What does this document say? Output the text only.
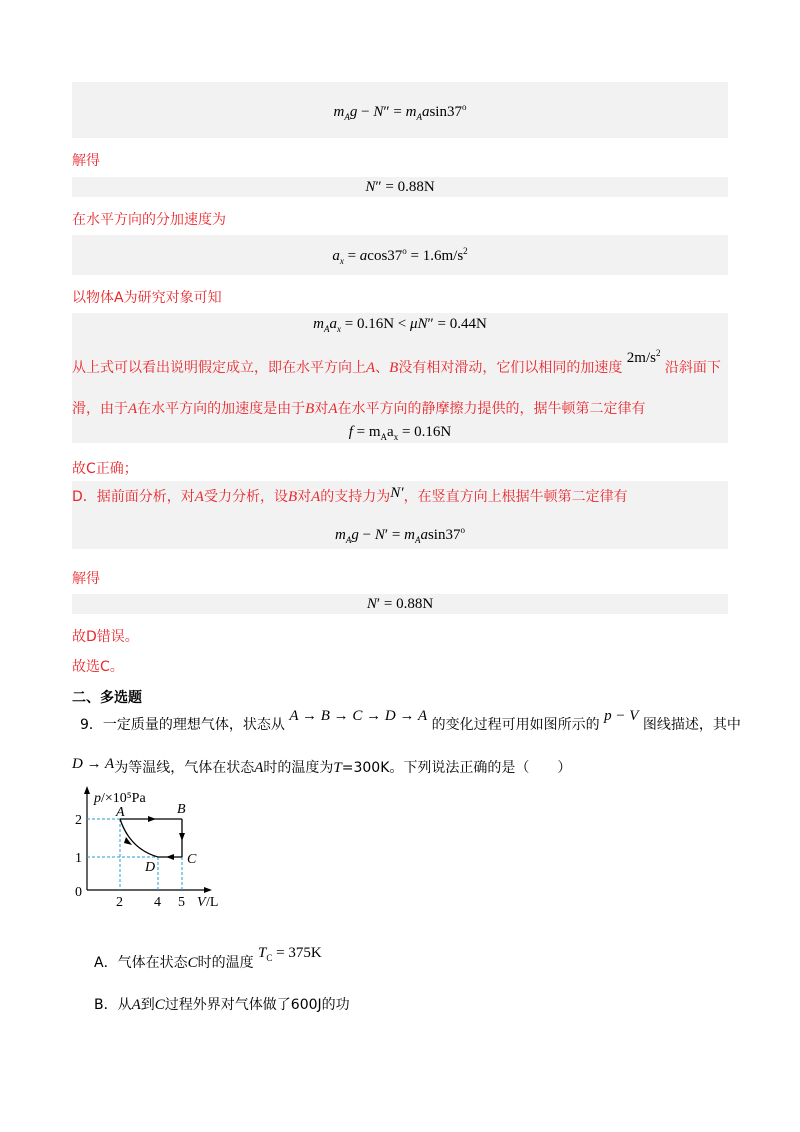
$m_Ag - N'' = m_Aasin37^o$
解得
N″ = 0.88N
在水平方向的分加速度为
$a_x = acos37^o = 1.6m/s^2$
以物体A为研究对象可知
$m_Aa_x = 0.16N < \mu N'' = 0.44N$
从上式可以看出说明假定成立，即在水平方向上A、B没有相对滑动，它们以相同的加速度 $2m/s^2$ 沿斜面下
滑，由于A在水平方向的加速度是由于B对A在水平方向的静摩擦力提供的，据牛顿第二定律有
$f = m_Aa_x = 0.16N$
故C正确；
D．据前面分析，对A受力分析，设B对A的支持力为N′，在竖直方向上根据牛顿第二定律有
$m_Ag - N' = m_Aasin37^o$
解得
N′ = 0.88N
故D错误。
故选C。
二、多选题
9．一定质量的理想气体，状态从 A → B → C → D → A 的变化过程可用如图所示的 p − V 图线描述，其中
D → A为等温线，气体在状态A时的温度为T=300K。下列说法正确的是（　　）
p /×10⁵Pa
2
1
0
2 4 5 V /L
A	B
C
D
A．气体在状态C时的温度 $T_C = 375K$
B．从A到C过程外界对气体做了600J的功
